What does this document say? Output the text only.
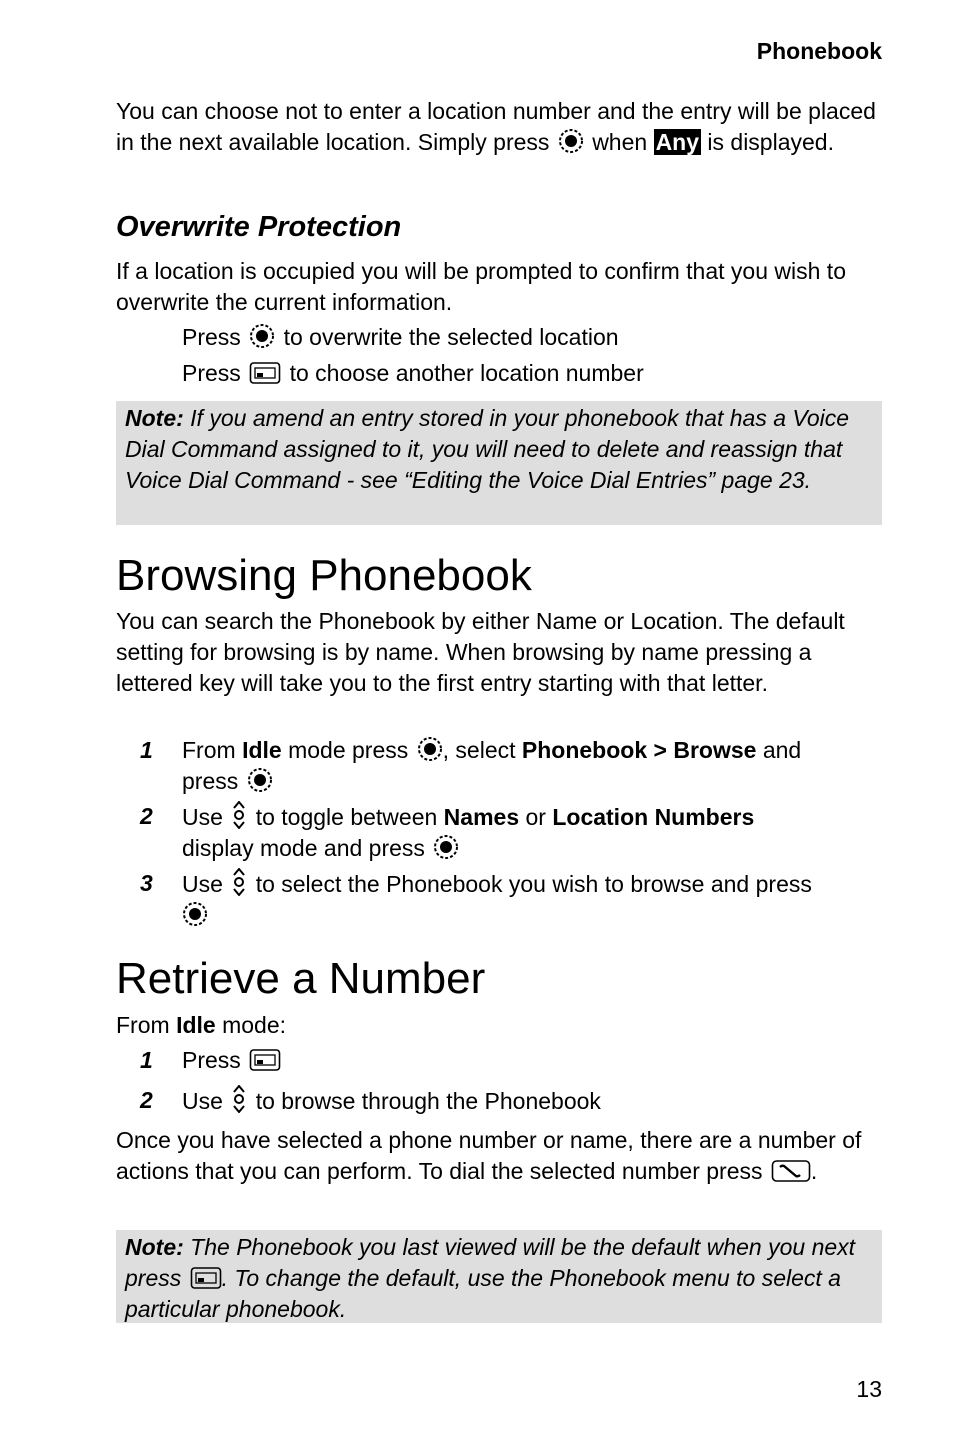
Phonebook

You can choose not to enter a location number and the entry will be placed in the next available location. Simply press when Any is displayed.

Overwrite Protection

If a location is occupied you will be prompted to confirm that you wish to overwrite the current information.

Press to overwrite the selected location
Press to choose another location number
Note: If you amend an entry stored in your phonebook that has a Voice Dial Command assigned to it, you will need to delete and reassign that Voice Dial Command - see “Editing the Voice Dial Entries” page 23.
Browsing Phonebook

You can search the Phonebook by either Name or Location. The default setting for browsing is by name. When browsing by name pressing a lettered key will take you to the first entry starting with that letter.

1 From Idle mode press , select Phonebook > Browse and
press
2 Use to toggle between Names or Location Numbers
display mode and press
3 Use to select the Phonebook you wish to browse and press

Retrieve a Number

From Idle mode:

1 Press
2 Use to browse through the Phonebook

Once you have selected a phone number or name, there are a number of actions that you can perform. To dial the selected number press .

Note: The Phonebook you last viewed will be the default when you next press . To change the default, use the Phonebook menu to select a particular phonebook.
13
